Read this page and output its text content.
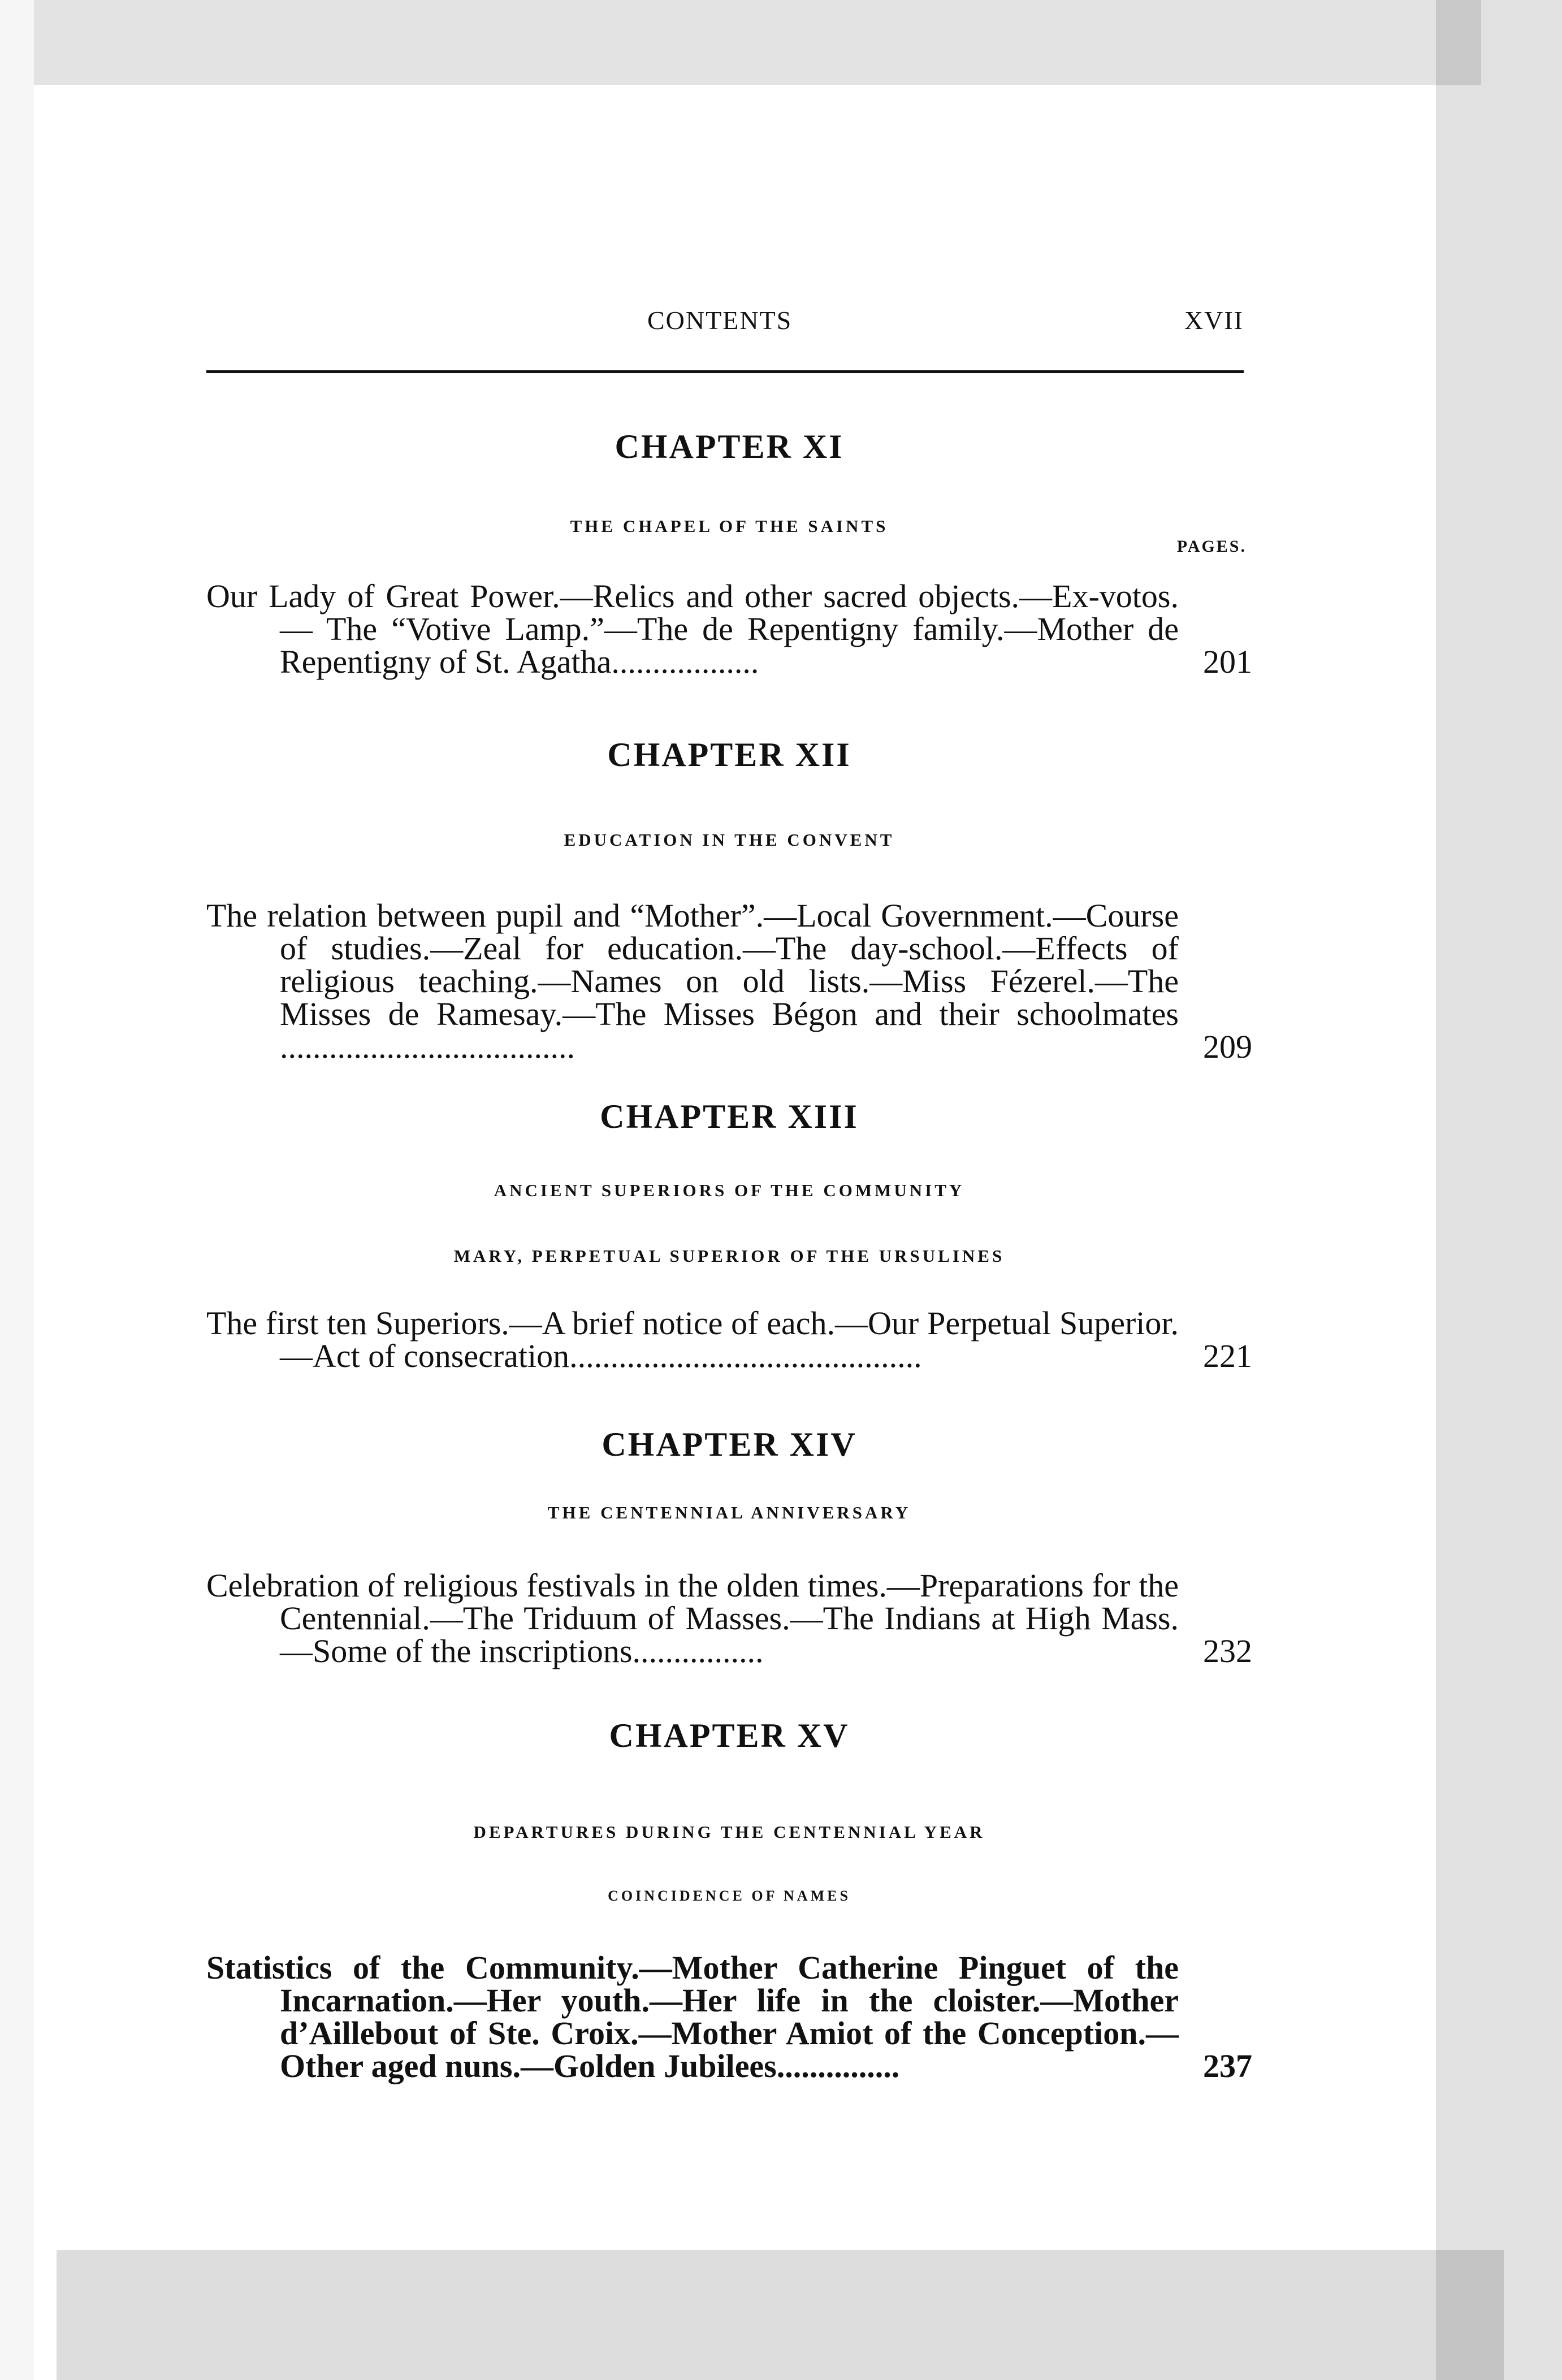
CONTENTS	XVII
CHAPTER XI

THE CHAPEL OF THE SAINTS

PAGES.
Our Lady of Great Power.—Relics and other sacred objects.—Ex-votos.— The “Votive Lamp.”—The de Repentigny family.—Mother de Repentigny of St. Agatha..................	201
CHAPTER XII

EDUCATION IN THE CONVENT

The relation between pupil and “Mother”.—Local Government.—Course of studies.—Zeal for education.—The day-school.—Effects of religious teaching.—Names on old lists.—Miss Fézerel.—The Misses de Ramesay.—The Misses Bégon and their schoolmates ....................................	209
CHAPTER XIII

ANCIENT SUPERIORS OF THE COMMUNITY

MARY, PERPETUAL SUPERIOR OF THE URSULINES

The first ten Superiors.—A brief notice of each.—Our Perpetual Superior.—Act of consecration...........................................	221
CHAPTER XIV

THE CENTENNIAL ANNIVERSARY

Celebration of religious festivals in the olden times.—Preparations for the Centennial.—The Triduum of Masses.—The Indians at High Mass.—Some of the inscriptions................	232
CHAPTER XV

DEPARTURES DURING THE CENTENNIAL YEAR

COINCIDENCE OF NAMES

Statistics of the Community.—Mother Catherine Pinguet of the Incarnation.—Her youth.—Her life in the cloister.—Mother d’Aillebout of Ste. Croix.—Mother Amiot of the Conception.—Other aged nuns.—Golden Jubilees...............	237
